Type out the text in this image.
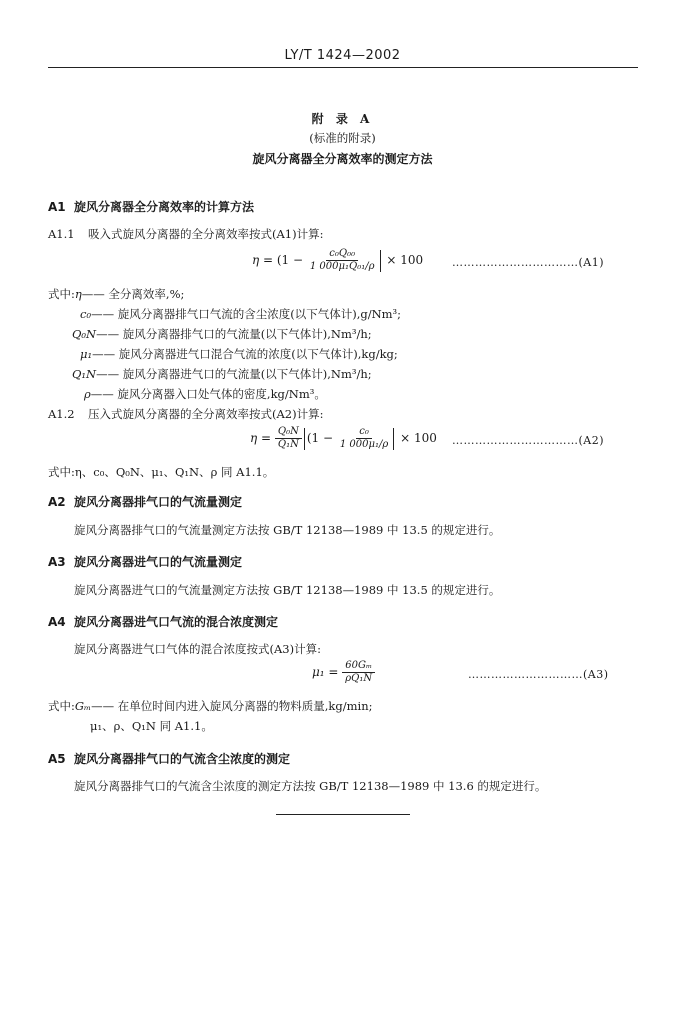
LY/T 1424—2002
附 录 A
(标准的附录)
旋风分离器全分离效率的测定方法
A1 旋风分离器全分离效率的计算方法
A1.1 吸入式旋风分离器的全分离效率按式(A1)计算:
$\eta = (1 - \frac{\text{c₀Q₀₀}}{\text{1 000μ₁Q₀₁/ρ}} \times 100$	……………………………(A1)
式中:η—— 全分离效率,%;
c₀—— 旋风分离器排气口气流的含尘浓度(以下气体计),g/Nm³;
Q₀N—— 旋风分离器排气口的气流量(以下气体计),Nm³/h;
μ₁—— 旋风分离器进气口混合气流的浓度(以下气体计),kg/kg;
Q₁N—— 旋风分离器进气口的气流量(以下气体计),Nm³/h;
ρ—— 旋风分离器入口处气体的密度,kg/Nm³。
A1.2 压入式旋风分离器的全分离效率按式(A2)计算:
$\eta = \frac{\text{Q₀N}}{\text{Q₁N}} (1 - \frac{\text{c₀}}{\text{1 000μ₁/ρ}} \times 100$ ……………………………(A2)
式中:η、c₀、Q₀N、μ₁、Q₁N、ρ 同 A1.1。
A2 旋风分离器排气口的气流量测定
旋风分离器排气口的气流量测定方法按 GB/T 12138—1989 中 13.5 的规定进行。
A3 旋风分离器进气口的气流量测定
旋风分离器进气口的气流量测定方法按 GB/T 12138—1989 中 13.5 的规定进行。
A4 旋风分离器进气口气流的混合浓度测定
旋风分离器进气口气体的混合浓度按式(A3)计算:
$\mu_1 = \frac{\text{60Gₘ}}{\text{ρQ₁N}}$	…………………………(A3)
式中:Gₘ—— 在单位时间内进入旋风分离器的物料质量,kg/min;
μ₁、ρ、Q₁N 同 A1.1。
A5 旋风分离器排气口的气流含尘浓度的测定
旋风分离器排气口的气流含尘浓度的测定方法按 GB/T 12138—1989 中 13.6 的规定进行。
